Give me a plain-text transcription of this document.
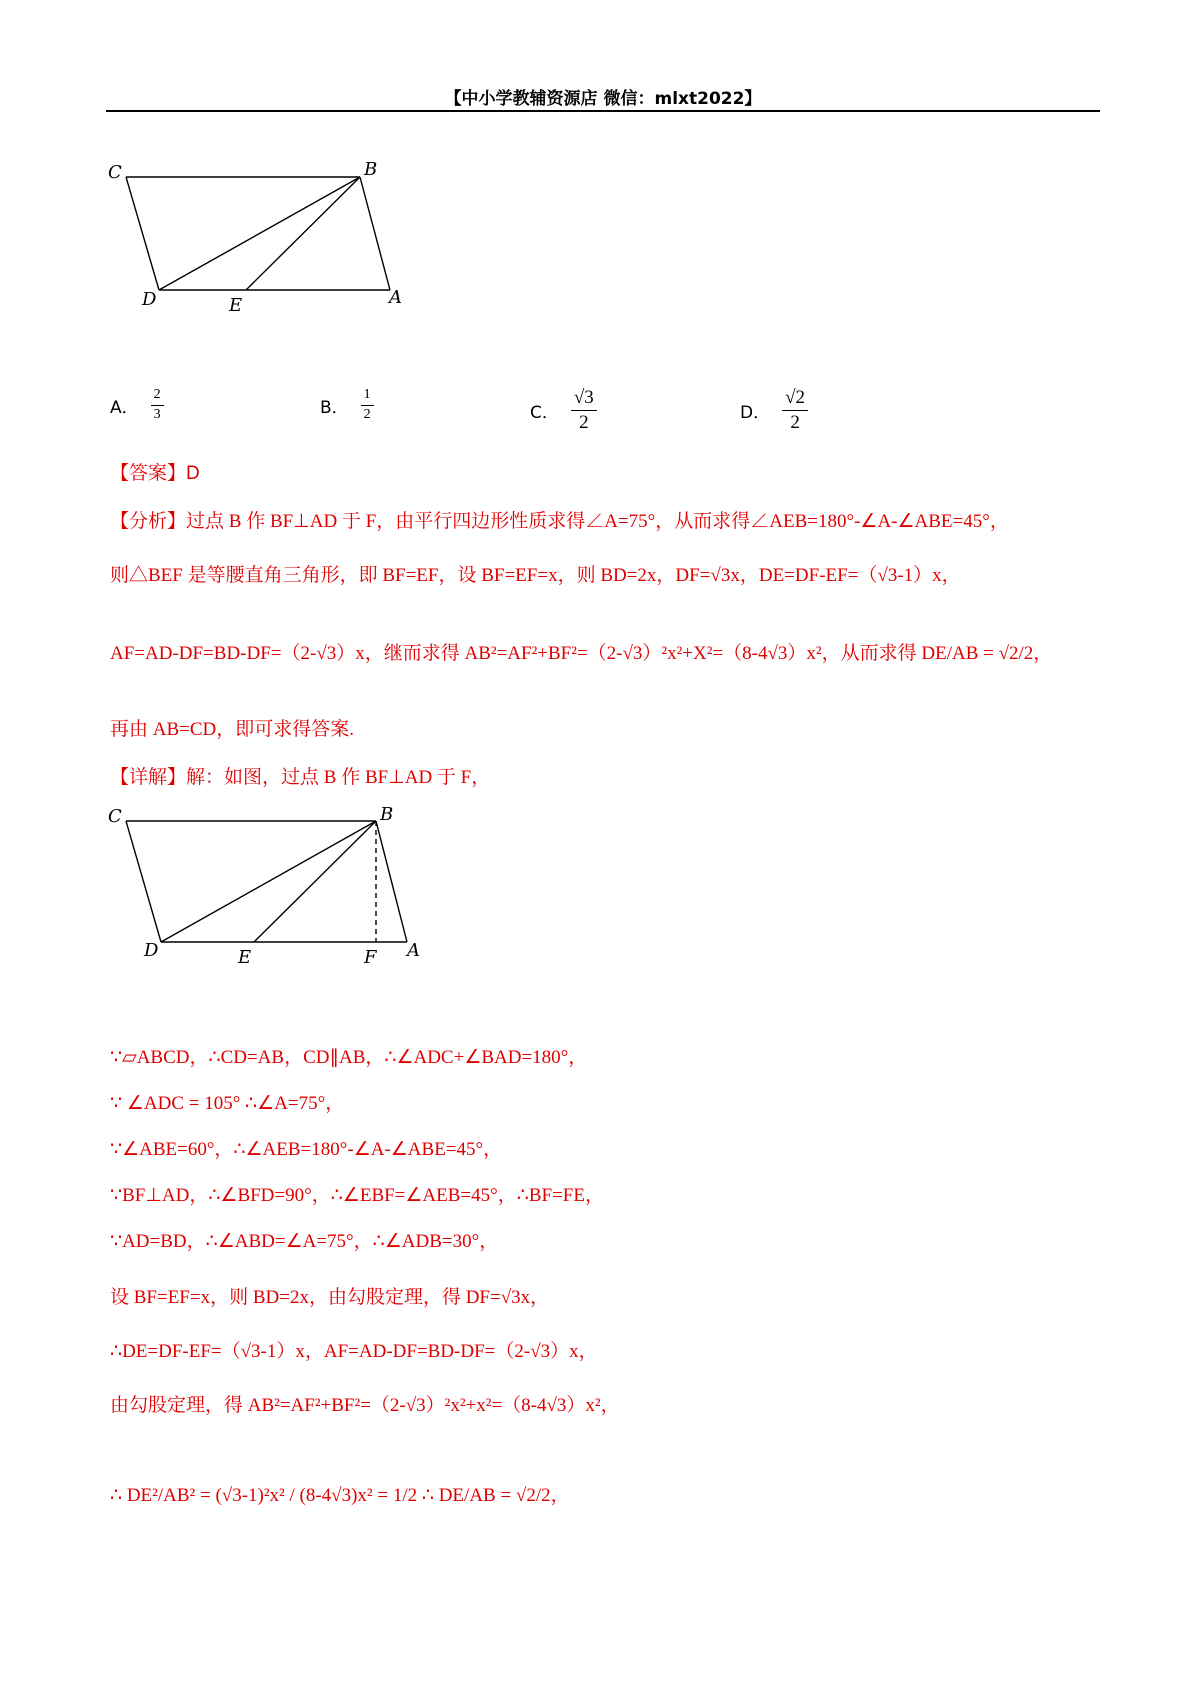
【中小学教辅资源店 微信：mlxt2022】
C	B
D	E	A
A． $\frac{2}{3}$	B． $\frac{1}{2}$	C． $\frac{√3}{2}$	D． $\frac{√2}{2}$
【答案】D
【分析】过点 B 作 BF⊥AD 于 F，由平行四边形性质求得∠A=75°，从而求得∠AEB=180°-∠A-∠ABE=45°，
则△BEF 是等腰直角三角形，即 BF=EF，设 BF=EF=x，则 BD=2x，DF=√3x，DE=DF-EF=（√3-1）x，
AF=AD-DF=BD-DF=（2-√3）x，继而求得 AB²=AF²+BF²=（2-√3）²x²+X²=（8-4√3）x²，从而求得 DE/AB = √2/2，
再由 AB=CD，即可求得答案.
【详解】解：如图，过点 B 作 BF⊥AD 于 F，
C	B
D	E	F A
∵▱ABCD，∴CD=AB，CD∥AB，∴∠ADC+∠BAD=180°，
∵ ∠ADC = 105° ∴∠A=75°，
∵∠ABE=60°，∴∠AEB=180°-∠A-∠ABE=45°，
∵BF⊥AD，∴∠BFD=90°，∴∠EBF=∠AEB=45°，∴BF=FE，
∵AD=BD，∴∠ABD=∠A=75°，∴∠ADB=30°，
设 BF=EF=x，则 BD=2x，由勾股定理，得 DF=√3x，
∴DE=DF-EF=（√3-1）x，AF=AD-DF=BD-DF=（2-√3）x，
由勾股定理，得 AB²=AF²+BF²=（2-√3）²x²+x²=（8-4√3）x²，
∴ DE²/AB² = (√3-1)²x² / (8-4√3)x² = 1/2 ∴ DE/AB = √2/2，
